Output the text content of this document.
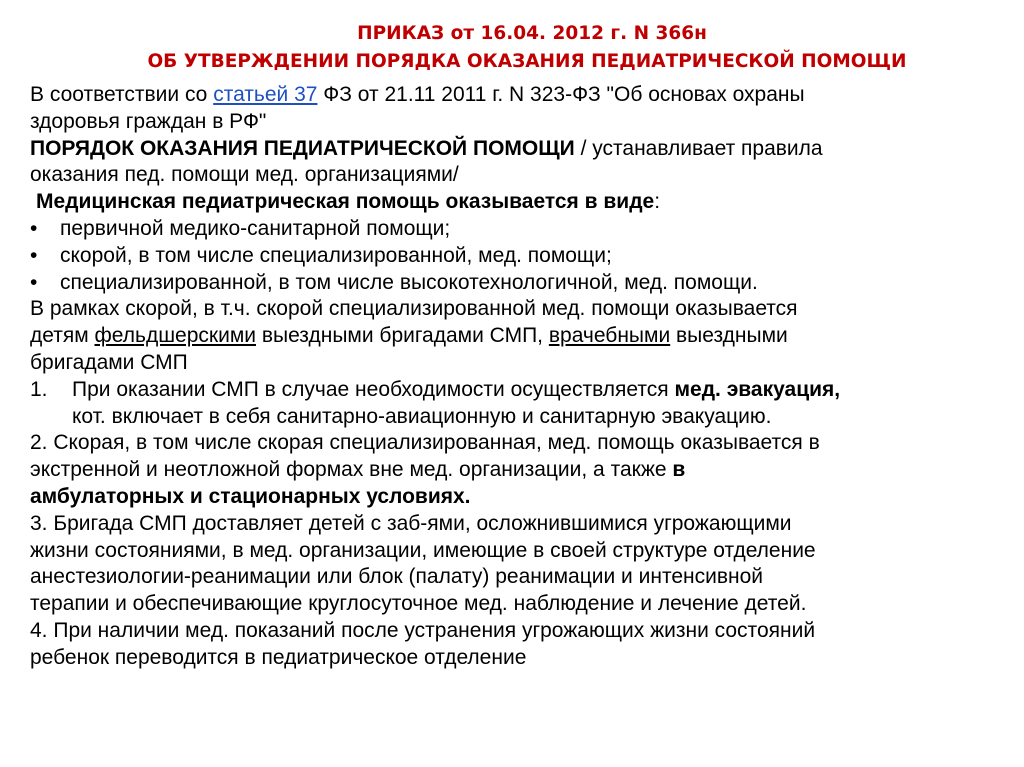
ПРИКАЗ от 16.04. 2012 г. N 366н
ОБ УТВЕРЖДЕНИИ ПОРЯДКА ОКАЗАНИЯ ПЕДИАТРИЧЕСКОЙ ПОМОЩИ
В соответствии со статьей 37 ФЗ от 21.11 2011 г. N 323-ФЗ "Об основах охраны
здоровья граждан в РФ"
ПОРЯДОК ОКАЗАНИЯ ПЕДИАТРИЧЕСКОЙ ПОМОЩИ / устанавливает правила
оказания пед. помощи мед. организациями/
Медицинская педиатрическая помощь оказывается в виде:
• первичной медико-санитарной помощи;
• скорой, в том числе специализированной, мед. помощи;
• специализированной, в том числе высокотехнологичной, мед. помощи.
В рамках скорой, в т.ч. скорой специализированной мед. помощи оказывается
детям фельдшерскими выездными бригадами СМП, врачебными выездными
бригадами СМП
1. При оказании СМП в случае необходимости осуществляется мед. эвакуация,
кот. включает в себя санитарно-авиационную и санитарную эвакуацию.
2. Скорая, в том числе скорая специализированная, мед. помощь оказывается в
экстренной и неотложной формах вне мед. организации, а также в
амбулаторных и стационарных условиях.
3. Бригада СМП доставляет детей с заб-ями, осложнившимися угрожающими
жизни состояниями, в мед. организации, имеющие в своей структуре отделение
анестезиологии-реанимации или блок (палату) реанимации и интенсивной
терапии и обеспечивающие круглосуточное мед. наблюдение и лечение детей.
4. При наличии мед. показаний после устранения угрожающих жизни состояний
ребенок переводится в педиатрическое отделение
